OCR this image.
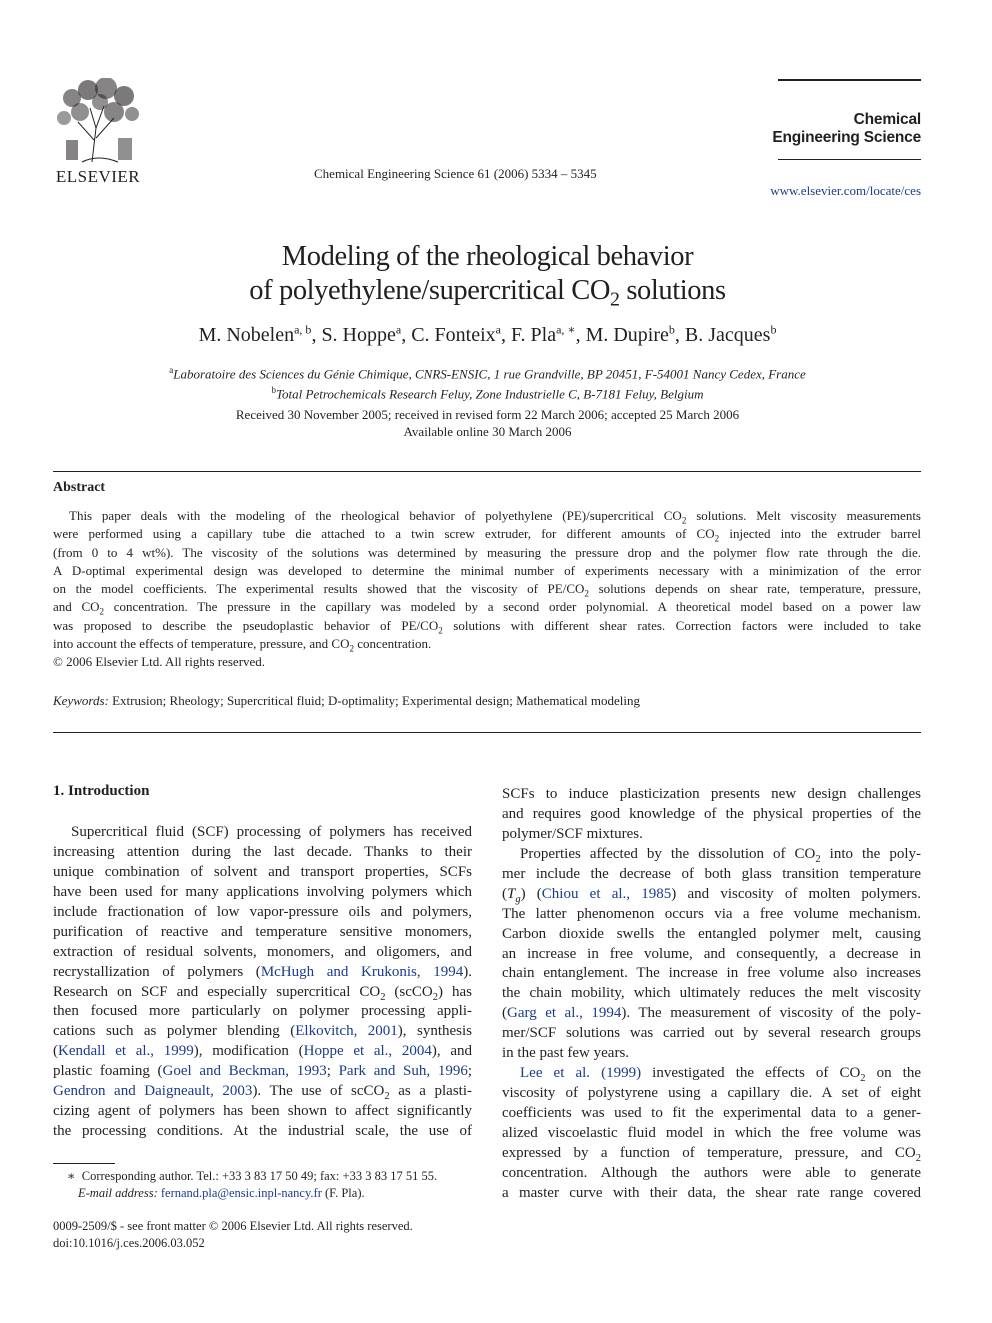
ELSEVIER	Chemical Engineering Science 61 (2006) 5334 – 5345
Chemical
Engineering Science
www.elsevier.com/locate/ces
Modeling of the rheological behavior
of polyethylene/supercritical $CO_2$ solutions
M. Nobelen$^{a, b}$, S. Hoppe$^a$, C. Fonteix$^a$, F. Pla$^{a, ∗}$, M. Dupire$^b$, B. Jacques$^b$
$^a$Laboratoire des Sciences du Génie Chimique, CNRS-ENSIC, 1 rue Grandville, BP 20451, F-54001 Nancy Cedex, France
$^b$Total Petrochemicals Research Feluy, Zone Industrielle C, B-7181 Feluy, Belgium
Received 30 November 2005; received in revised form 22 March 2006; accepted 25 March 2006
Available online 30 March 2006
Abstract
This paper deals with the modeling of the rheological behavior of polyethylene (PE)/supercritical $CO_2$ solutions. Melt viscosity measurements
were performed using a capillary tube die attached to a twin screw extruder, for different amounts of $CO_2$ injected into the extruder barrel
(from 0 to 4 wt%). The viscosity of the solutions was determined by measuring the pressure drop and the polymer flow rate through the die.
A D-optimal experimental design was developed to determine the minimal number of experiments necessary with a minimization of the error
on the model coefficients. The experimental results showed that the viscosity of $PE/CO_2$ solutions depends on shear rate, temperature, pressure,
and $CO_2$ concentration. The pressure in the capillary was modeled by a second order polynomial. A theoretical model based on a power law
was proposed to describe the pseudoplastic behavior of $PE/CO_2$ solutions with different shear rates. Correction factors were included to take
into account the effects of temperature, pressure, and $CO_2$ concentration.
© 2006 Elsevier Ltd. All rights reserved.
Keywords: Extrusion; Rheology; Supercritical fluid; D-optimality; Experimental design; Mathematical modeling
1. Introduction
Supercritical fluid (SCF) processing of polymers has received
increasing attention during the last decade. Thanks to their
unique combination of solvent and transport properties, SCFs
have been used for many applications involving polymers which
include fractionation of low vapor-pressure oils and polymers,
purification of reactive and temperature sensitive monomers,
extraction of residual solvents, monomers, and oligomers, and
recrystallization of polymers (McHugh and Krukonis, 1994).
Research on SCF and especially supercritical $CO_2$ (scCO$_2$) has
then focused more particularly on polymer processing appli-
cations such as polymer blending (Elkovitch, 2001), synthesis
(Kendall et al., 1999), modification (Hoppe et al., 2004), and
plastic foaming (Goel and Beckman, 1993; Park and Suh, 1996;
Gendron and Daigneault, 2003). The use of scCO$_2$ as a plasti-
cizing agent of polymers has been shown to affect significantly
the processing conditions. At the industrial scale, the use of
SCFs to induce plasticization presents new design challenges
and requires good knowledge of the physical properties of the
polymer/SCF mixtures.
Properties affected by the dissolution of $CO_2$ into the poly-
mer include the decrease of both glass transition temperature
$(T_g)$ (Chiou et al., 1985) and viscosity of molten polymers.
The latter phenomenon occurs via a free volume mechanism.
Carbon dioxide swells the entangled polymer melt, causing
an increase in free volume, and consequently, a decrease in
chain entanglement. The increase in free volume also increases
the chain mobility, which ultimately reduces the melt viscosity
(Garg et al., 1994). The measurement of viscosity of the poly-
mer/SCF solutions was carried out by several research groups
in the past few years.
Lee et al. (1999) investigated the effects of $CO_2$ on the
viscosity of polystyrene using a capillary die. A set of eight
coefficients was used to fit the experimental data to a gener-
alized viscoelastic fluid model in which the free volume was
expressed by a function of temperature, pressure, and $CO_2$
concentration. Although the authors were able to generate
a master curve with their data, the shear rate range covered
∗ Corresponding author. Tel.: +33 3 83 17 50 49; fax: +33 3 83 17 51 55.
E-mail address: fernand.pla@ensic.inpl-nancy.fr (F. Pla).
0009-2509/$ - see front matter © 2006 Elsevier Ltd. All rights reserved.
doi:10.1016/j.ces.2006.03.052
